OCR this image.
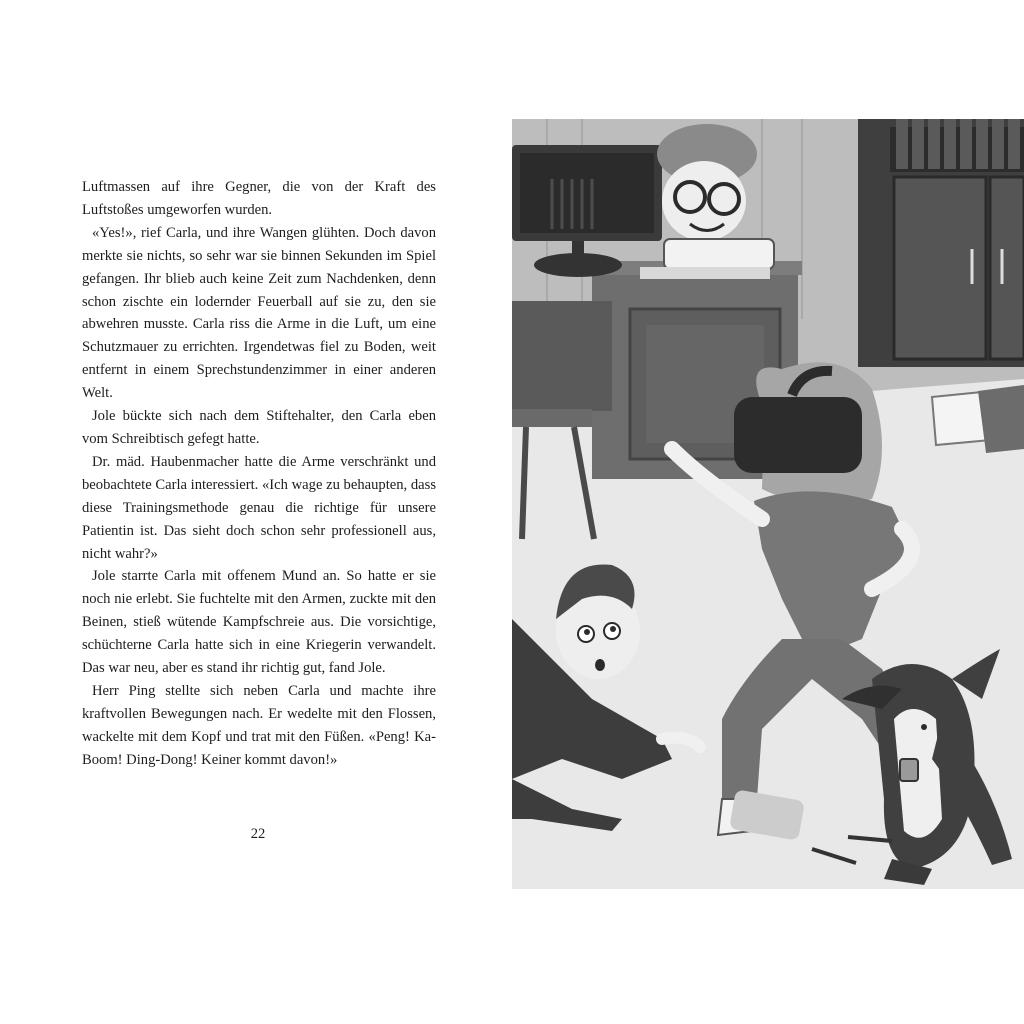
Luftmassen auf ihre Gegner, die von der Kraft des Luftstoßes umgeworfen wurden.

«Yes!», rief Carla, und ihre Wangen glühten. Doch davon merkte sie nichts, so sehr war sie binnen Sekunden im Spiel gefangen. Ihr blieb auch keine Zeit zum Nachdenken, denn schon zischte ein lodernder Feuerball auf sie zu, den sie abwehren musste. Carla riss die Arme in die Luft, um eine Schutzmauer zu errichten. Irgendetwas fiel zu Boden, weit entfernt in einem Sprechstundenzimmer in einer anderen Welt.

Jole bückte sich nach dem Stiftehalter, den Carla eben vom Schreibtisch gefegt hatte.

Dr. mäd. Haubenmacher hatte die Arme verschränkt und beobachtete Carla interessiert. «Ich wage zu behaupten, dass diese Trainingsmethode genau die richtige für unsere Patientin ist. Das sieht doch schon sehr professionell aus, nicht wahr?»

Jole starrte Carla mit offenem Mund an. So hatte er sie noch nie erlebt. Sie fuchtelte mit den Armen, zuckte mit den Beinen, stieß wütende Kampfschreie aus. Die vorsichtige, schüchterne Carla hatte sich in eine Kriegerin verwandelt. Das war neu, aber es stand ihr richtig gut, fand Jole.

Herr Ping stellte sich neben Carla und machte ihre kraftvollen Bewegungen nach. Er wedelte mit den Flossen, wackelte mit dem Kopf und trat mit den Füßen. «Peng! Ka-Boom! Ding-Dong! Keiner kommt davon!»

22
